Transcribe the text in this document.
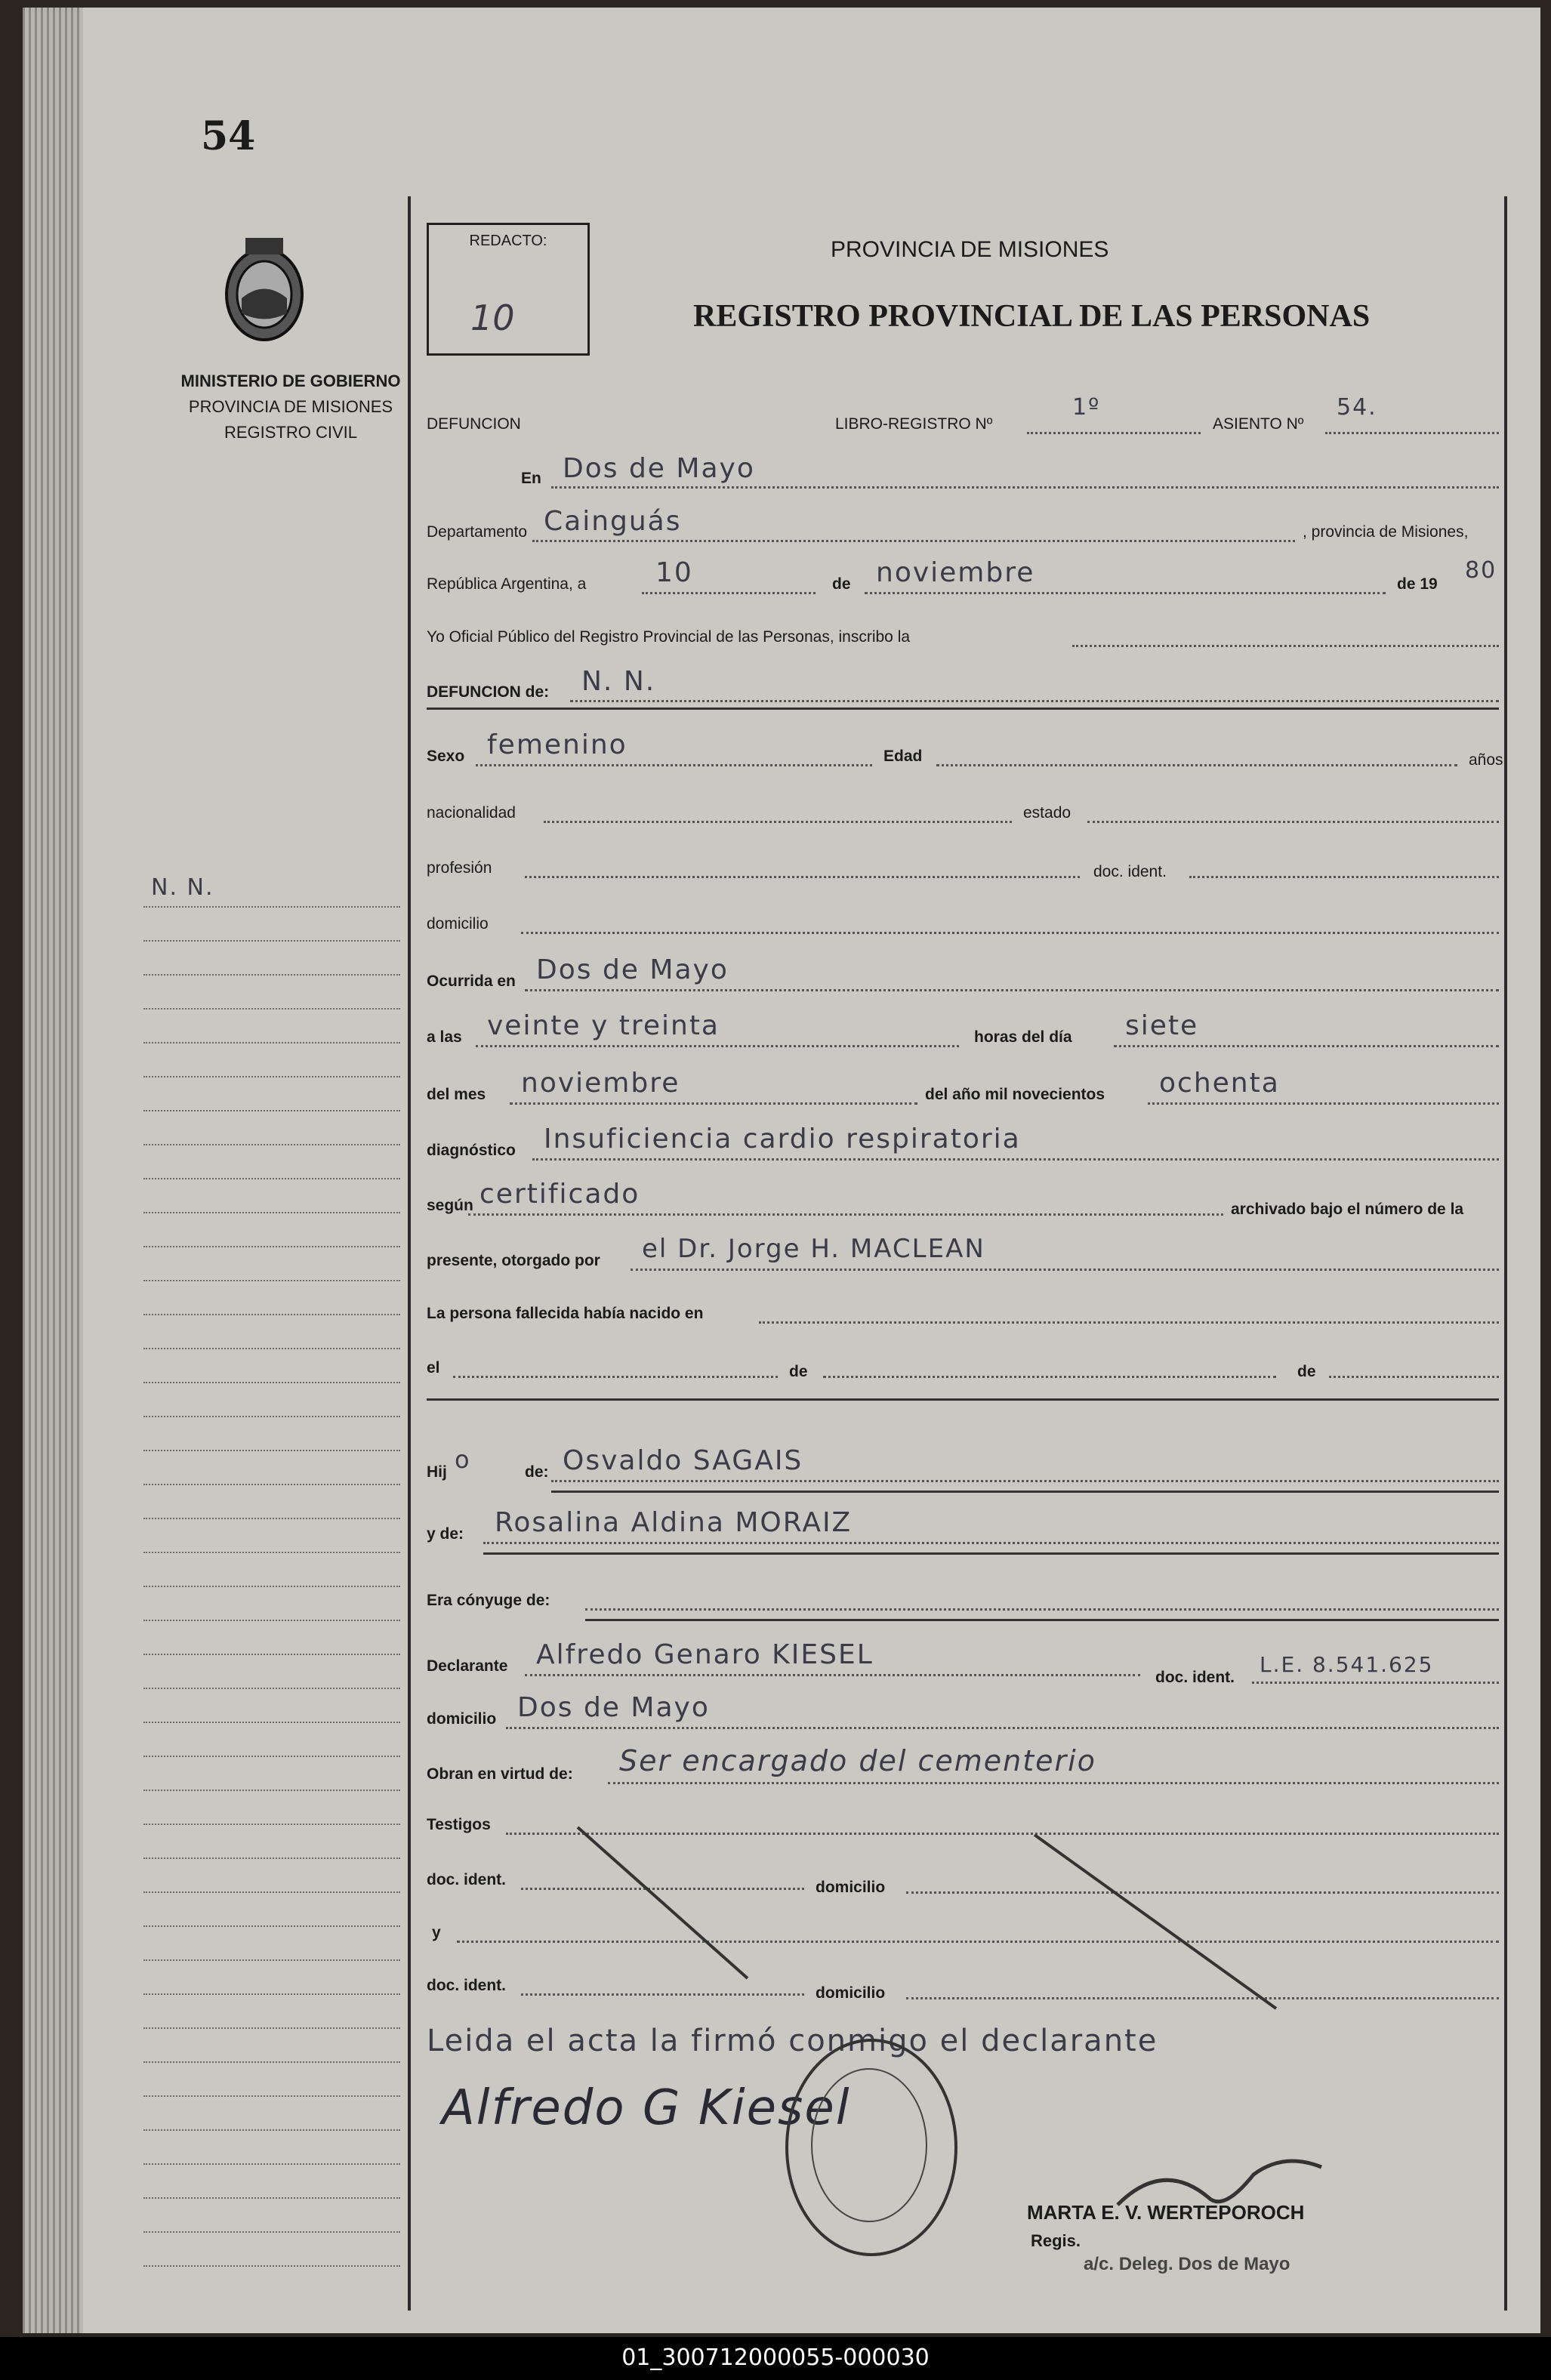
54
MINISTERIO DE GOBIERNO
PROVINCIA DE MISIONES
REGISTRO CIVIL
REDACTO:
10
PROVINCIA DE MISIONES
REGISTRO PROVINCIAL DE LAS PERSONAS
DEFUNCION	LIBRO-REGISTRO Nº
1º
ASIENTO Nº
54.
En Dos de Mayo
Departamento Cainguás	, provincia de Misiones,
República Argentina, a	10	de noviembre	de 19
80
Yo Oficial Público del Registro Provincial de las Personas, inscribo la
DEFUNCION de: N. N.
Sexo femenino	Edad	años
nacionalidad	estado
profesión	doc. ident.
domicilio
Ocurrida en Dos de Mayo
a las veinte y treinta	horas del día siete
del mes noviembre	del año mil novecientos ochenta
diagnóstico Insuficiencia cardio respiratoria
según certificado	archivado bajo el número de la
presente, otorgado por el Dr. Jorge H. MACLEAN
La persona fallecida había nacido en
el	de	de
Hij o	de: Osvaldo SAGAIS
y de: Rosalina Aldina MORAIZ
Era cónyuge de:
Declarante Alfredo Genaro KIESEL
doc. ident.
L.E. 8.541.625
domicilio Dos de Mayo
Obran en virtud de: Ser encargado del cementerio
Testigos
doc. ident.	domicilio
y
doc. ident.	domicilio
Leida el acta la firmó conmigo el declarante
Alfredo G Kiesel
MARTA E. V. WERTEPOROCH
Regis.
a/c. Deleg. Dos de Mayo
N. N.
01_300712000055-000030
